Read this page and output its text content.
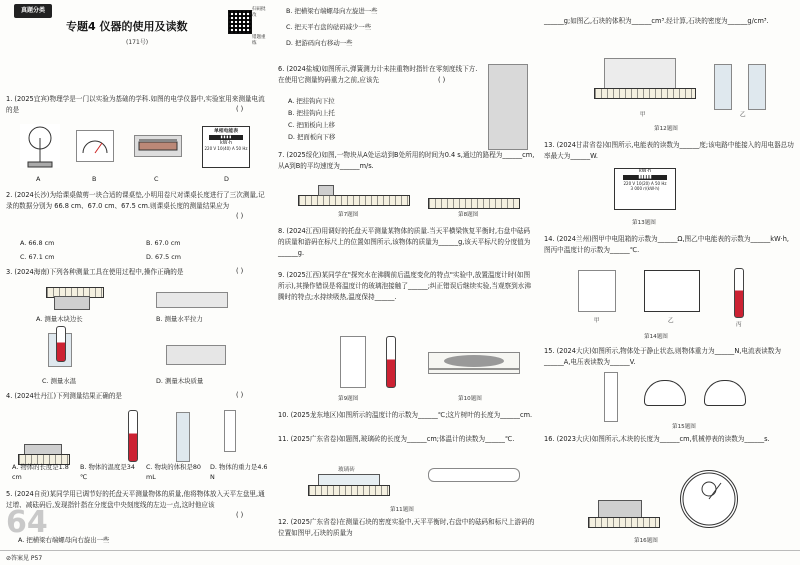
真题分类
专题4 仪器的使用及读数
(171号)
扫码批改
错题重练
1. (2025宜宾)物理学是一门以实验为基础的学科.如图的电学仪器中,实验室用来测量电流的是	( )
单相电能表
▮▮▮▮
kW·h
220 V 10(40) A 50 Hz
A	B	C	D
2. (2024长沙)为给课桌做剪一块合适的课桌垫,小明用卷尺对课桌长度进行了三次测量,记录的数据分别为 66.8 cm、67.0 cm、67.5 cm.则课桌长度的测量结果应为
( )
A. 66.8 cm	B. 67.0 cm
C. 67.1 cm	D. 67.5 cm
3. (2024海南)下列各种测量工具在使用过程中,操作正确的是	( )
A. 测量木块边长	B. 测量水平拉力
C. 测量水温	D. 测量木块质量
4. (2024牡丹江)下列测量结果正确的是	( )
A. 物体的长度是1.8 cm
B. 物体的温度是34 ℃
C. 物块的体积是80 mL
D. 物体的重力是4.6 N
5. (2024自贡)某同学用已调节好的托盘天平测量物体的质量,他将物体放入天平左盘里,通过增、减砝码后,发现指针指在分度盘中央刻度线的左边一点,这时他应该
( )
A. 把横梁右端螺母向右旋出一些
64
B. 把横梁右端螺母向左旋进一些
C. 把天平右盘的砝码减少一些
D. 把游码向右移动一些
6. (2024盐城)如图所示,弹簧测力计未挂重物时指针在零刻度线下方.在使用它测量钩码重力之前,应该先	( )
A. 把挂钩向下拉
B. 把挂钩向上托
C. 把面板向上移
D. 把面板向下移
7. (2025绥化)如图,一物块从A处运动到B处所用的时间为0.4 s,通过的路程为______cm,从A到B的平均速度为______m/s.
第7题图	第8题图
8. (2024江西)用调好的托盘天平测量某物体的质量.当天平横梁恢复平衡时,右盘中砝码的质量和游码在标尺上的位置如图所示,该物体的质量为______g,该天平标尺的分度值为______g.
9. (2025江西)某同学在"探究水在沸腾前后温度变化的特点"实验中,放置温度计时(如图所示),其操作错误是将温度计的玻璃泡接触了______;纠正错误后继续实验,当观察到水沸腾时的特点;水持续吸热,温度保持______.
第9题图	第10题图
10. (2025龙东地区)如图所示的温度计的示数为______℃;这片树叶的长度为______cm.
11. (2025广东省卷)如题图,玻璃砖的长度为______cm;体温计的读数为______℃.
玻璃砖
第11题图
12. (2025广东省卷)在测量石块的密度实验中,天平平衡时,右盘中的砝码和标尺上游码的位置如图甲,石块的质量为
______g;如图乙,石块的体积为______cm³.经计算,石块的密度为______g/cm³.
甲	乙
第12题图
13. (2024甘肃省卷)如图所示,电能表的读数为______度;该电路中能接入的用电器总功率最大为______W.
kW·h
▮▮▮▮▮
220 V 10(20) A 50 Hz
3 000 r/(kW·h)
第13题图
14. (2024兰州)图甲中电阻箱的示数为______Ω,图乙中电能表的示数为______kW·h,图丙中温度计的示数为______℃.
甲	乙
丙
第14题图
15. (2024大庆)如图所示,物体处于静止状态,则物体重力为______N,电流表读数为______A,电压表读数为______V.
第15题图
16. (2023大庆)如图所示,木块的长度为______cm,机械停表的读数为______s.
第16题图
⊘答案见 P57
